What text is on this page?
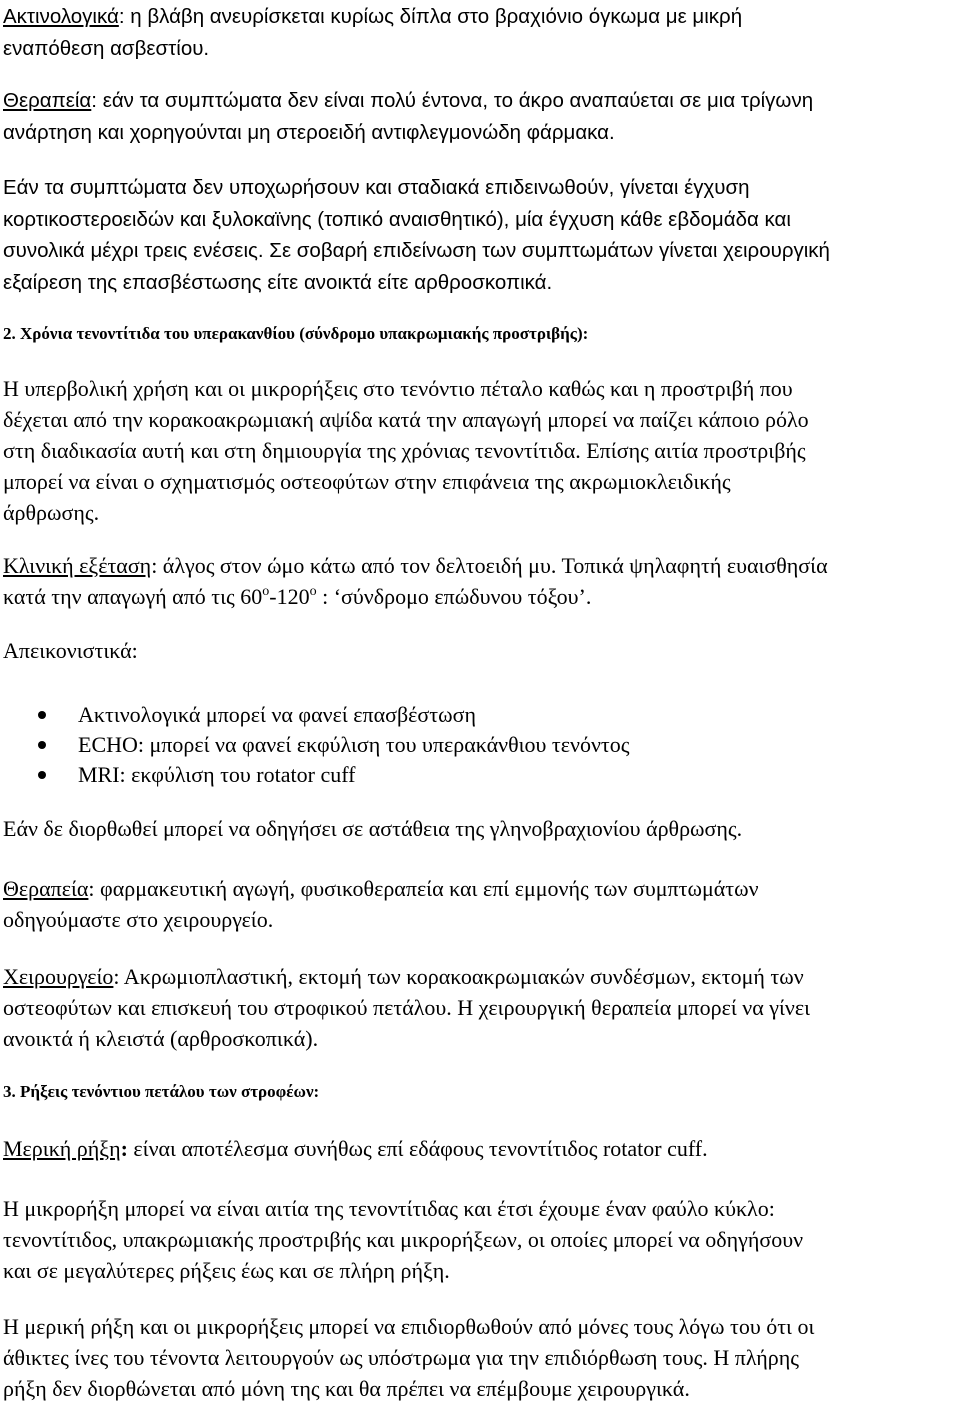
Ακτινολογικά: η βλάβη ανευρίσκεται κυρίως δίπλα στο βραχιόνιο όγκωμα με μικρή
εναπόθεση ασβεστίου.

Θεραπεία: εάν τα συμπτώματα δεν είναι πολύ έντονα, το άκρο αναπαύεται σε μια τρίγωνη
ανάρτηση και χορηγούνται μη στεροειδή αντιφλεγμονώδη φάρμακα.

Εάν τα συμπτώματα δεν υποχωρήσουν και σταδιακά επιδεινωθούν, γίνεται έγχυση
κορτικοστεροειδών και ξυλοκαϊνης (τοπικό αναισθητικό), μία έγχυση κάθε εβδομάδα και
συνολικά μέχρι τρεις ενέσεις. Σε σοβαρή επιδείνωση των συμπτωμάτων γίνεται χειρουργική
εξαίρεση της επασβέστωσης είτε ανοικτά είτε αρθροσκοπικά.

2. Χρόνια τενοντίτιδα του υπερακανθίου (σύνδρομο υπακρωμιακής προστριβής):

Η υπερβολική χρήση και οι μικρορήξεις στο τενόντιο πέταλο καθώς και η προστριβή που
δέχεται από την κορακοακρωμιακή αψίδα κατά την απαγωγή μπορεί να παίζει κάποιο ρόλο
στη διαδικασία αυτή και στη δημιουργία της χρόνιας τενοντίτιδα. Επίσης αιτία προστριβής
μπορεί να είναι ο σχηματισμός οστεοφύτων στην επιφάνεια της ακρωμιοκλειδικής
άρθρωσης.

Κλινική εξέταση: άλγος στον ώμο κάτω από τον δελτοειδή μυ. Τοπικά ψηλαφητή ευαισθησία
κατά την απαγωγή από τις $60^o-120^o$ : ‘σύνδρομο επώδυνου τόξου’.

Απεικονιστικά:

Ακτινολογικά μπορεί να φανεί επασβέστωση
ECHO: μπορεί να φανεί εκφύλιση του υπερακάνθιου τενόντος
MRI: εκφύλιση του rotator cuff

Εάν δε διορθωθεί μπορεί να οδηγήσει σε αστάθεια της γληνοβραχιονίου άρθρωσης.

Θεραπεία: φαρμακευτική αγωγή, φυσικοθεραπεία και επί εμμονής των συμπτωμάτων
οδηγούμαστε στο χειρουργείο.

Χειρουργείο: Ακρωμιοπλαστική, εκτομή των κορακοακρωμιακών συνδέσμων, εκτομή των
οστεοφύτων και επισκευή του στροφικού πετάλου. Η χειρουργική θεραπεία μπορεί να γίνει
ανοικτά ή κλειστά (αρθροσκοπικά).

3. Ρήξεις τενόντιου πετάλου των στροφέων:

Μερική ρήξη: είναι αποτέλεσμα συνήθως επί εδάφους τενοντίτιδος rotator cuff.

Η μικρορήξη μπορεί να είναι αιτία της τενοντίτιδας και έτσι έχουμε έναν φαύλο κύκλο:
τενοντίτιδος, υπακρωμιακής προστριβής και μικρορήξεων, οι οποίες μπορεί να οδηγήσουν
και σε μεγαλύτερες ρήξεις έως και σε πλήρη ρήξη.

Η μερική ρήξη και οι μικρορήξεις μπορεί να επιδιορθωθούν από μόνες τους λόγω του ότι οι
άθικτες ίνες του τένοντα λειτουργούν ως υπόστρωμα για την επιδιόρθωση τους. Η πλήρης
ρήξη δεν διορθώνεται από μόνη της και θα πρέπει να επέμβουμε χειρουργικά.
